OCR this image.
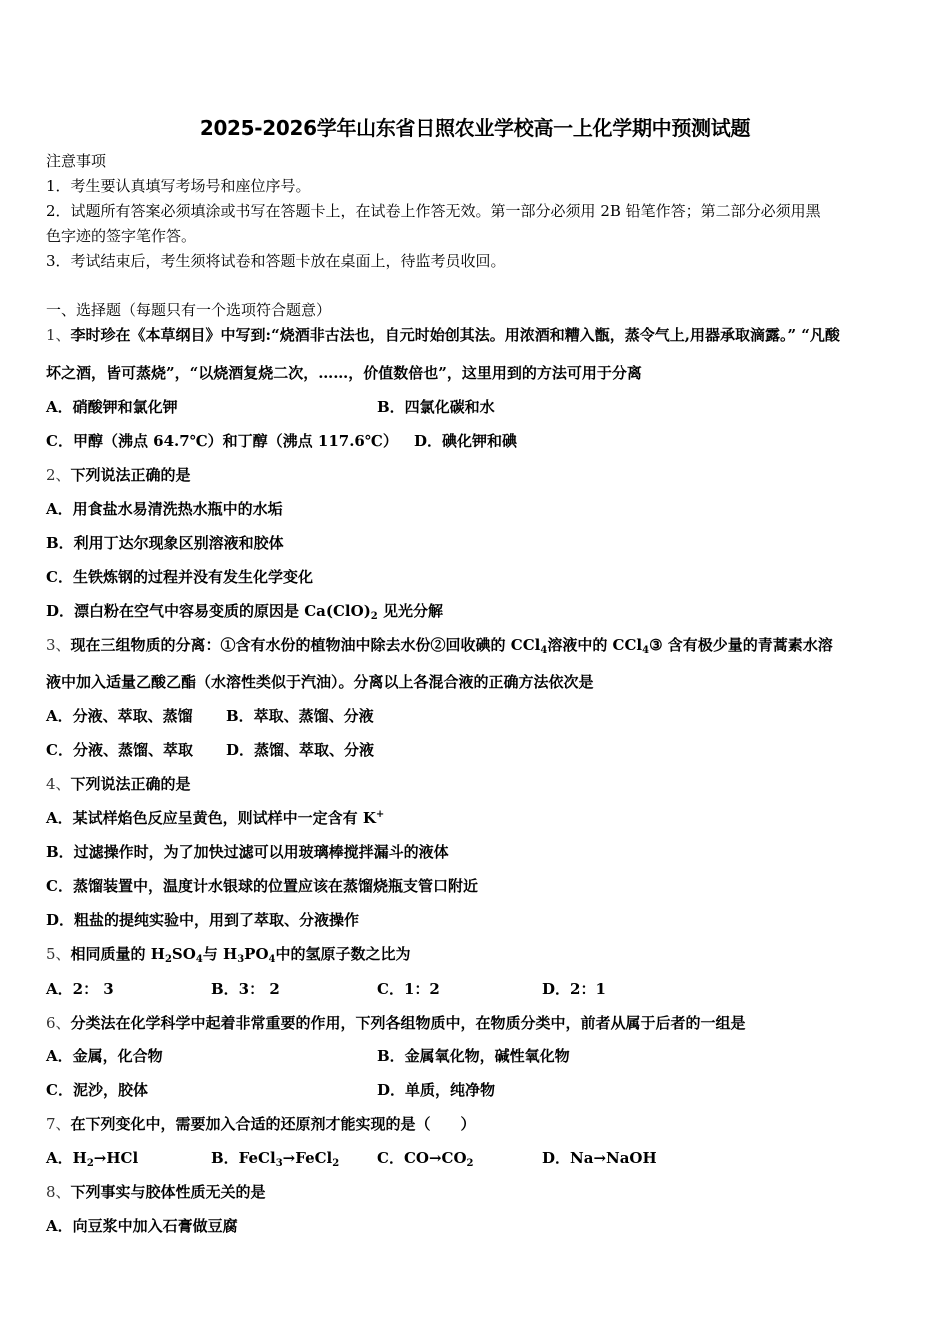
2025-2026学年山东省日照农业学校高一上化学期中预测试题
注意事项
1．考生要认真填写考场号和座位序号。
2．试题所有答案必须填涂或书写在答题卡上，在试卷上作答无效。第一部分必须用 2B 铅笔作答；第二部分必须用黑
色字迹的签字笔作答。
3．考试结束后，考生须将试卷和答题卡放在桌面上，待监考员收回。
一、选择题（每题只有一个选项符合题意）
1、李时珍在《本草纲目》中写到:“烧酒非古法也，自元时始创其法。用浓酒和糟入甑，蒸令气上,用器承取滴露。” “凡酸
坏之酒，皆可蒸烧”，“以烧酒复烧二次，……，价值数倍也”，这里用到的方法可用于分离
A．硝酸钾和氯化钾	B．四氯化碳和水
C．甲醇（沸点 64.7℃）和丁醇（沸点 117.6℃） D．碘化钾和碘
2、下列说法正确的是
A．用食盐水易清洗热水瓶中的水垢
B．利用丁达尔现象区别溶液和胶体
C．生铁炼钢的过程并没有发生化学变化
D．漂白粉在空气中容易变质的原因是 $Ca(ClO)_2$ 见光分解
3、现在三组物质的分离：①含有水份的植物油中除去水份②回收碘的 CCl$_4$溶液中的 CCl$_4$③ 含有极少量的青蒿素水溶
液中加入适量乙酸乙酯（水溶性类似于汽油）。分离以上各混合液的正确方法依次是
A．分液、萃取、蒸馏 B．萃取、蒸馏、分液
C．分液、蒸馏、萃取 D．蒸馏、萃取、分液
4、下列说法正确的是
A．某试样焰色反应呈黄色，则试样中一定含有 K+
B．过滤操作时，为了加快过滤可以用玻璃棒搅拌漏斗的液体
C．蒸馏装置中，温度计水银球的位置应该在蒸馏烧瓶支管口附近
D．粗盐的提纯实验中，用到了萃取、分液操作
5、相同质量的 $H_2SO_4$与 $H_3PO_4$中的氢原子数之比为
A．2： 3	B．3： 2	C．1：2	D．2：1
6、分类法在化学科学中起着非常重要的作用，下列各组物质中，在物质分类中，前者从属于后者的一组是
A．金属，化合物	B．金属氧化物，碱性氧化物
C．泥沙，胶体	D．单质，纯净物
7、在下列变化中，需要加入合适的还原剂才能实现的是（　　）
A．$H_2\to HCl$	B．FeCl$_3$→FeCl$_2$	C．$CO\to CO_2$	D．Na→NaOH
8、下列事实与胶体性质无关的是
A．向豆浆中加入石膏做豆腐
